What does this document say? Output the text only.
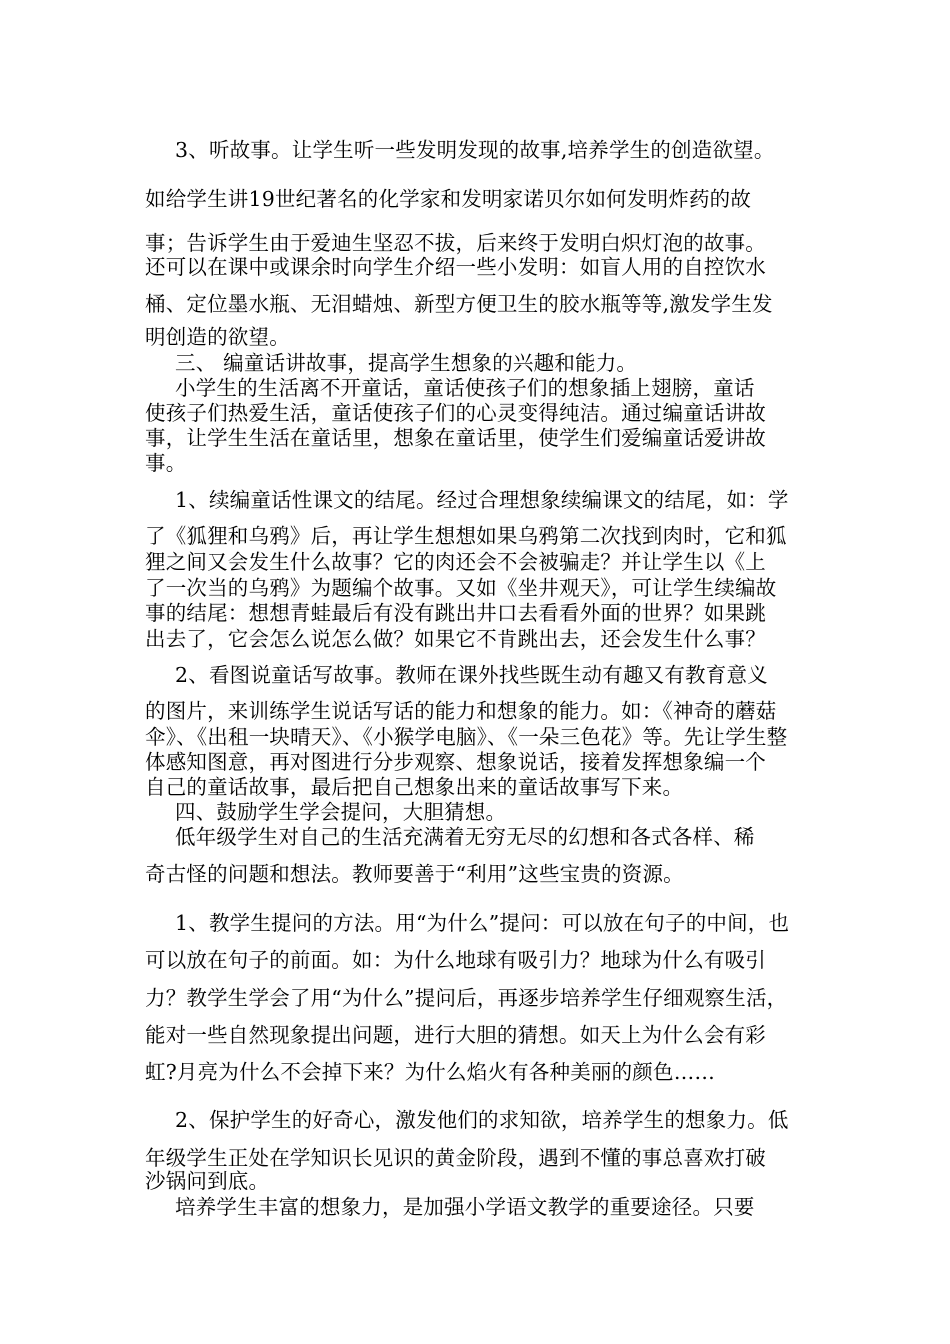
3、听故事。让学生听一些发明发现的故事,培养学生的创造欲望。
如给学生讲19世纪著名的化学家和发明家诺贝尔如何发明炸药的故
事；告诉学生由于爱迪生坚忍不拔，后来终于发明白炽灯泡的故事。
还可以在课中或课余时向学生介绍一些小发明：如盲人用的自控饮水
桶、定位墨水瓶、无泪蜡烛、新型方便卫生的胶水瓶等等,激发学生发
明创造的欲望。
三、 编童话讲故事，提高学生想象的兴趣和能力。
小学生的生活离不开童话，童话使孩子们的想象插上翅膀，童话
使孩子们热爱生活，童话使孩子们的心灵变得纯洁。通过编童话讲故
事，让学生生活在童话里，想象在童话里，使学生们爱编童话爱讲故
事。
1、续编童话性课文的结尾。经过合理想象续编课文的结尾，如：学
了《狐狸和乌鸦》后，再让学生想想如果乌鸦第二次找到肉时，它和狐
狸之间又会发生什么故事？它的肉还会不会被骗走？并让学生以《上
了一次当的乌鸦》为题编个故事。又如《坐井观天》，可让学生续编故
事的结尾：想想青蛙最后有没有跳出井口去看看外面的世界？如果跳
出去了，它会怎么说怎么做？如果它不肯跳出去，还会发生什么事？
2、看图说童话写故事。教师在课外找些既生动有趣又有教育意义
的图片，来训练学生说话写话的能力和想象的能力。如：《神奇的蘑菇
伞》、《出租一块晴天》、《小猴学电脑》、《一朵三色花》等。先让学生整
体感知图意，再对图进行分步观察、想象说话，接着发挥想象编一个
自己的童话故事，最后把自己想象出来的童话故事写下来。
四、鼓励学生学会提问，大胆猜想。
低年级学生对自己的生活充满着无穷无尽的幻想和各式各样、稀
奇古怪的问题和想法。教师要善于“利用”这些宝贵的资源。
1、教学生提问的方法。用“为什么”提问：可以放在句子的中间，也
可以放在句子的前面。如：为什么地球有吸引力？地球为什么有吸引
力？教学生学会了用“为什么”提问后，再逐步培养学生仔细观察生活，
能对一些自然现象提出问题，进行大胆的猜想。如天上为什么会有彩
虹?月亮为什么不会掉下来？为什么焰火有各种美丽的颜色……
2、保护学生的好奇心，激发他们的求知欲，培养学生的想象力。低
年级学生正处在学知识长见识的黄金阶段，遇到不懂的事总喜欢打破
沙锅问到底。
培养学生丰富的想象力，是加强小学语文教学的重要途径。只要
